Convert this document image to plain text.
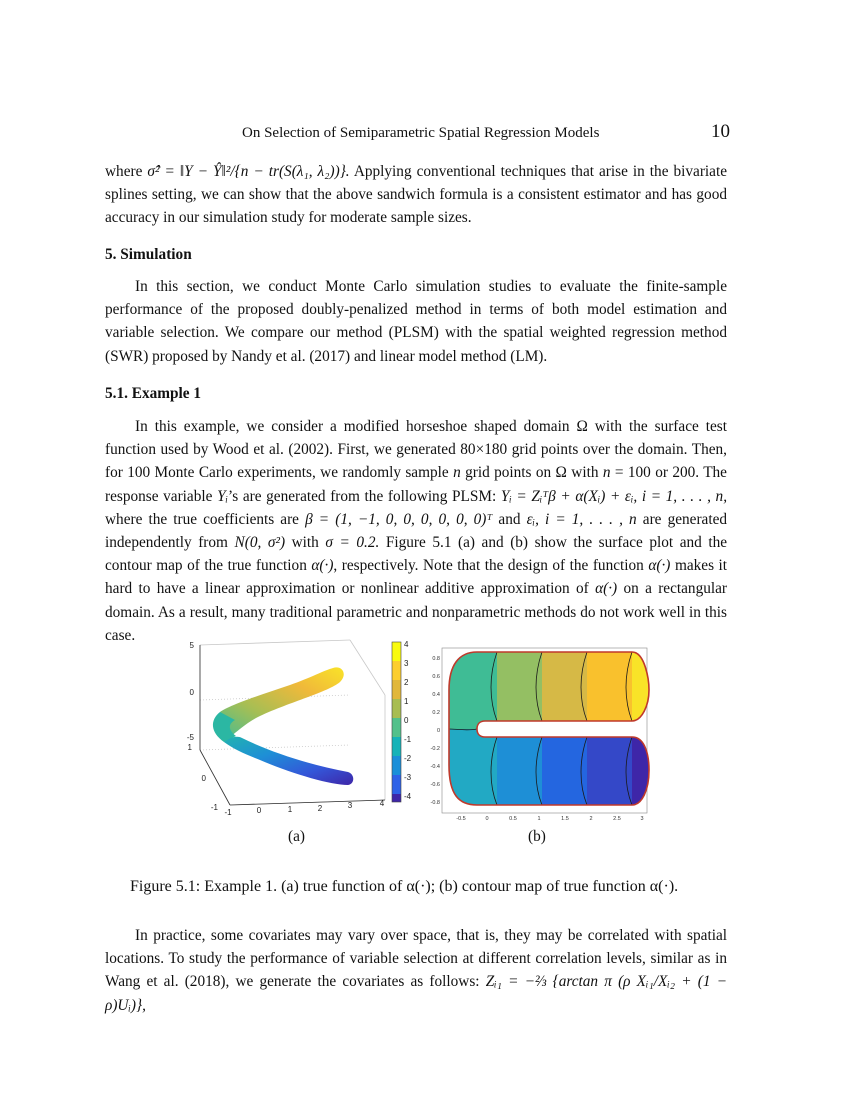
On Selection of Semiparametric Spatial Regression Models	10
where σ̂² = ‖Y − Ŷ‖²/{n − tr(S(λ₁, λ₂))}. Applying conventional techniques that arise in the bivariate splines setting, we can show that the above sandwich formula is a consistent estimator and has good accuracy in our simulation study for moderate sample sizes.
5. Simulation
In this section, we conduct Monte Carlo simulation studies to evaluate the finite-sample performance of the proposed doubly-penalized method in terms of both model estimation and variable selection. We compare our method (PLSM) with the spatial weighted regression method (SWR) proposed by Nandy et al. (2017) and linear model method (LM).
5.1. Example 1
In this example, we consider a modified horseshoe shaped domain Ω with the surface test function used by Wood et al. (2002). First, we generated 80×180 grid points over the domain. Then, for 100 Monte Carlo experiments, we randomly sample n grid points on Ω with n = 100 or 200. The response variable Yᵢ’s are generated from the following PLSM: Yᵢ = Zᵢᵀβ + α(Xᵢ) + εᵢ, i = 1, . . . , n, where the true coefficients are β = (1, −1, 0, 0, 0, 0, 0, 0)ᵀ and εᵢ, i = 1, . . . , n are generated independently from N(0, σ²) with σ = 0.2. Figure 5.1 (a) and (b) show the surface plot and the contour map of the true function α(·), respectively. Note that the design of the function α(·) makes it hard to have a linear approximation or nonlinear additive approximation of α(·) on a rectangular domain. As a result, many traditional parametric and nonparametric methods do not work well in this case.
5
0
-5
1
0
-1
-1	0	1	2	3	4
4
3
2
1
0
-1
-2
-3
-4
(a)
0.8
0.6
0.4
0.2
0
-0.2
-0.4
-0.6
-0.8
-0.5	0	0.5	1	1.5	2	2.5	3
(b)
Figure 5.1: Example 1. (a) true function of α(·); (b) contour map of true function α(·).
In practice, some covariates may vary over space, that is, they may be correlated with spatial locations. To study the performance of variable selection at different correlation levels, similar as in Wang et al. (2018), we generate the covariates as follows: Zᵢ₁ = −⅔ {arctan π (ρ Xᵢ₁/Xᵢ₂ + (1 − ρ)Uᵢ)},
